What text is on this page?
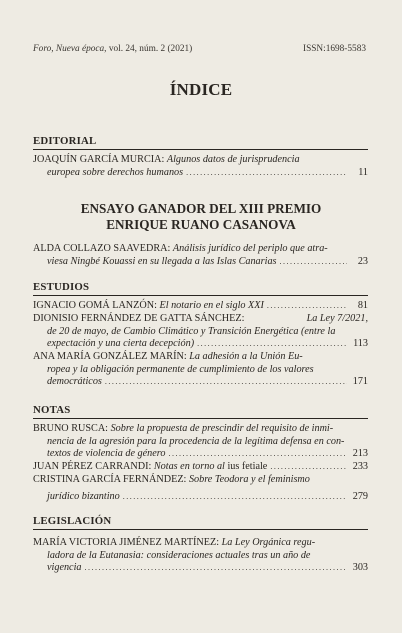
Foro, Nueva época, vol. 24, núm. 2 (2021)	ISSN:1698-5583
ÍNDICE
EDITORIAL
JOAQUÍN GARCÍA MURCIA:
Algunos datos de jurisprudencia
europea sobre derechos humanos .....	11
ENSAYO GANADOR DEL XIII PREMIO
ENRIQUE RUANO CASANOVA
ALDA COLLAZO SAAVEDRA:
Análisis jurídico del periplo que atra-
viesa Ningbé Kouassi en su llegada a las Islas Canarias .....	23
ESTUDIOS
IGNACIO GOMÁ LANZÓN:
El notario en el siglo XXI .....	81
DIONISIO FERNÁNDEZ DE GATTA SÁNCHEZ:	La Ley 7/2021,
de 20 de mayo, de Cambio Climático y Transición Energética (entre la
expectación y una cierta decepción) .....	113
ANA MARÍA GONZÁLEZ MARÍN:
La adhesión a la Unión Eu-
ropea y la obligación permanente de cumplimiento de los valores
democráticos .....	171
NOTAS
BRUNO RUSCA:
Sobre la propuesta de prescindir del requisito de inmi-
nencia de la agresión para la procedencia de la legítima defensa en con-
textos de violencia de género .....	213
JUAN PÉREZ CARRANDI:
Notas en torno al
ius fetiale .....	233
CRISTINA GARCÍA FERNÁNDEZ:
Sobre Teodora y el feminismo
jurídico bizantino .....	279
LEGISLACIÓN
MARÍA VICTORIA JIMÉNEZ MARTÍNEZ:
La Ley Orgánica regu-
ladora de la Eutanasia: consideraciones actuales tras un año de
vigencia .....	303
